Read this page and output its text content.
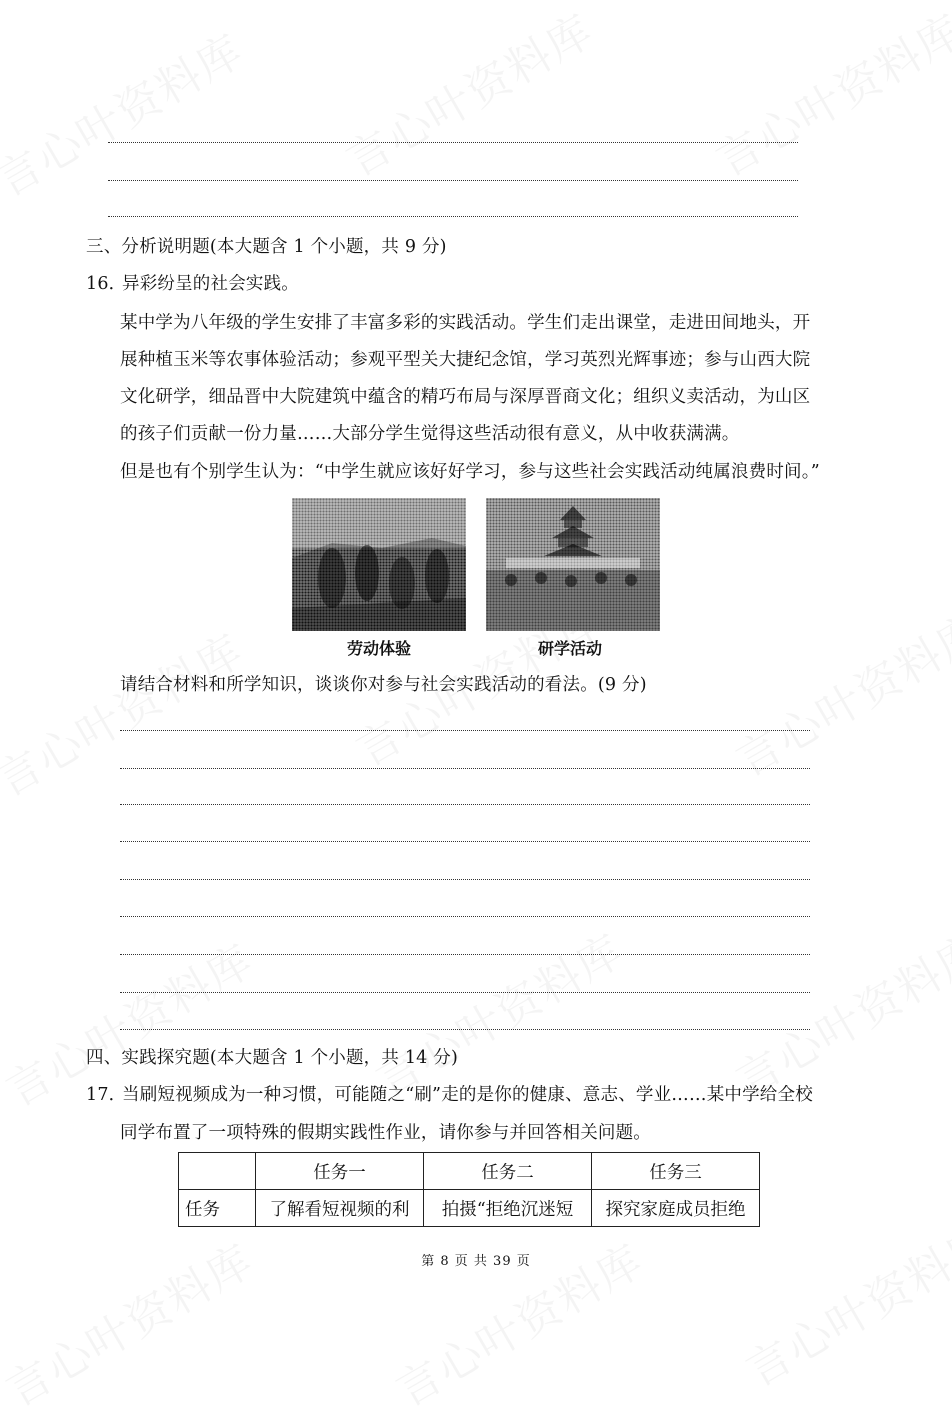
三、分析说明题(本大题含 1 个小题，共 9 分)
16．
异彩纷呈的社会实践。
某中学为八年级的学生安排了丰富多彩的实践活动。学生们走出课堂，走进田间地头，开
展种植玉米等农事体验活动；参观平型关大捷纪念馆，学习英烈光辉事迹；参与山西大院
文化研学，细品晋中大院建筑中蕴含的精巧布局与深厚晋商文化；组织义卖活动，为山区
的孩子们贡献一份力量……大部分学生觉得这些活动很有意义，从中收获满满。
但是也有个别学生认为：“中学生就应该好好学习，参与这些社会实践活动纯属浪费时间。”
劳动体验	研学活动
请结合材料和所学知识，谈谈你对参与社会实践活动的看法。(9 分)
四、实践探究题(本大题含 1 个小题，共 14 分)
17．
当刷短视频成为一种习惯，可能随之“刷”走的是你的健康、意志、学业……某中学给全校
同学布置了一项特殊的假期实践性作业，请你参与并回答相关问题。
	任务一	任务二	任务三
任务	了解看短视频的利	拍摄“拒绝沉迷短	探究家庭成员拒绝
第 8 页 共 39 页
